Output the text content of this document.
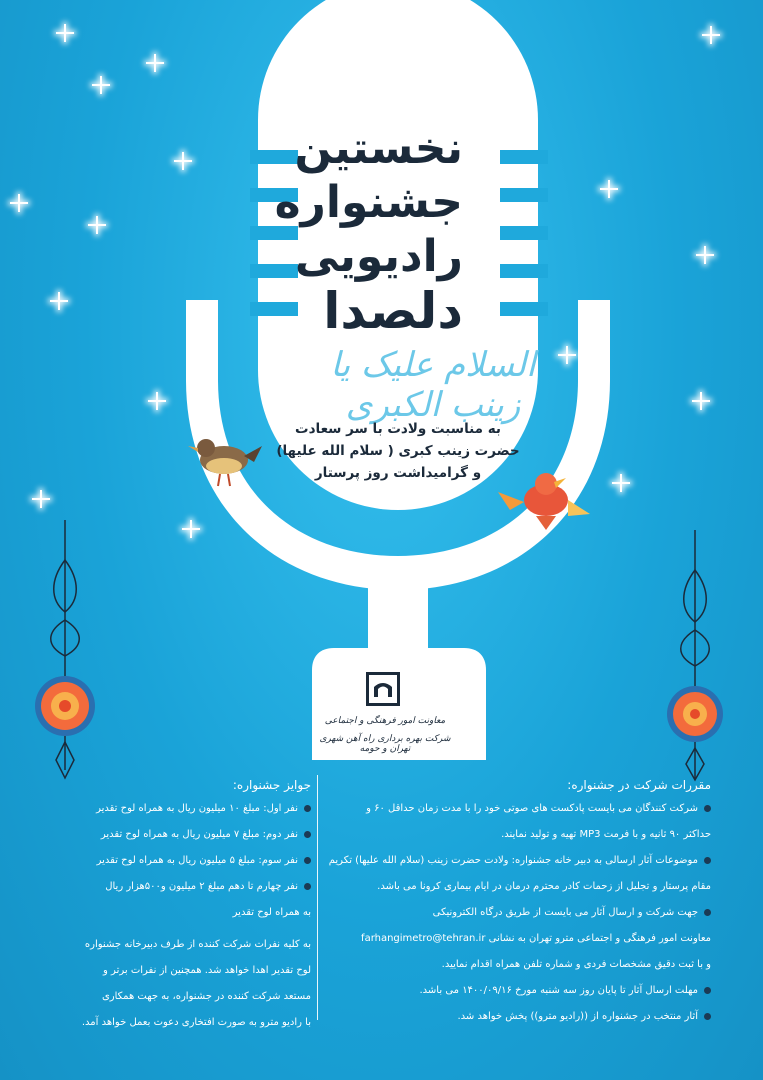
نخستین
جشنواره
رادیویی
دلصدا
السلام علیک یا زینب الکبری
به مناسبت ولادت با سر سعادت
حضرت زینب کبری ( سلام الله علیها)
و گرامیداشت روز پرستار
معاونت امور فرهنگی و اجتماعی
شرکت بهره برداری راه آهن شهری تهران و حومه
مقررات شرکت در جشنواره:
شرکت کنندگان می بایست پادکست های صوتی خود را با مدت زمان حداقل ۶۰ و
حداکثر ۹۰ ثانیه و با فرمت MP3 تهیه و تولید نمایند.
موضوعات آثار ارسالی به دبیر خانه جشنواره: ولادت حضرت زینب (سلام الله علیها) تکریم
مقام پرستار و تجلیل از زحمات کادر محترم درمان در ایام بیماری کرونا می باشد.
جهت شرکت و ارسال آثار می بایست از طریق درگاه الکترونیکی
معاونت امور فرهنگی و اجتماعی مترو تهران به نشانی farhangimetro@tehran.ir
و با ثبت دقیق مشخصات فردی و شماره تلفن همراه اقدام نمایید.
مهلت ارسال آثار تا پایان روز سه شنبه مورخ ۱۴۰۰/۰۹/۱۶ می باشد.
آثار منتخب در جشنواره از ((رادیو مترو)) پخش خواهد شد.
جوایز جشنواره:
نفر اول: مبلغ ۱۰ میلیون ریال به همراه لوح تقدیر
نفر دوم: مبلغ ۷ میلیون ریال به همراه لوح تقدیر
نفر سوم: مبلغ ۵ میلیون ریال به همراه لوح تقدیر
نفر چهارم تا دهم مبلغ ۲ میلیون و۵۰۰هزار ریال
به همراه لوح تقدیر
به کلیه نفرات شرکت کننده از طرف دبیرخانه جشنواره
لوح تقدیر اهدا خواهد شد. همچنین از نفرات برتر و
مستعد شرکت کننده در جشنواره، به جهت همکاری
با رادیو مترو به صورت افتخاری دعوت بعمل خواهد آمد.
